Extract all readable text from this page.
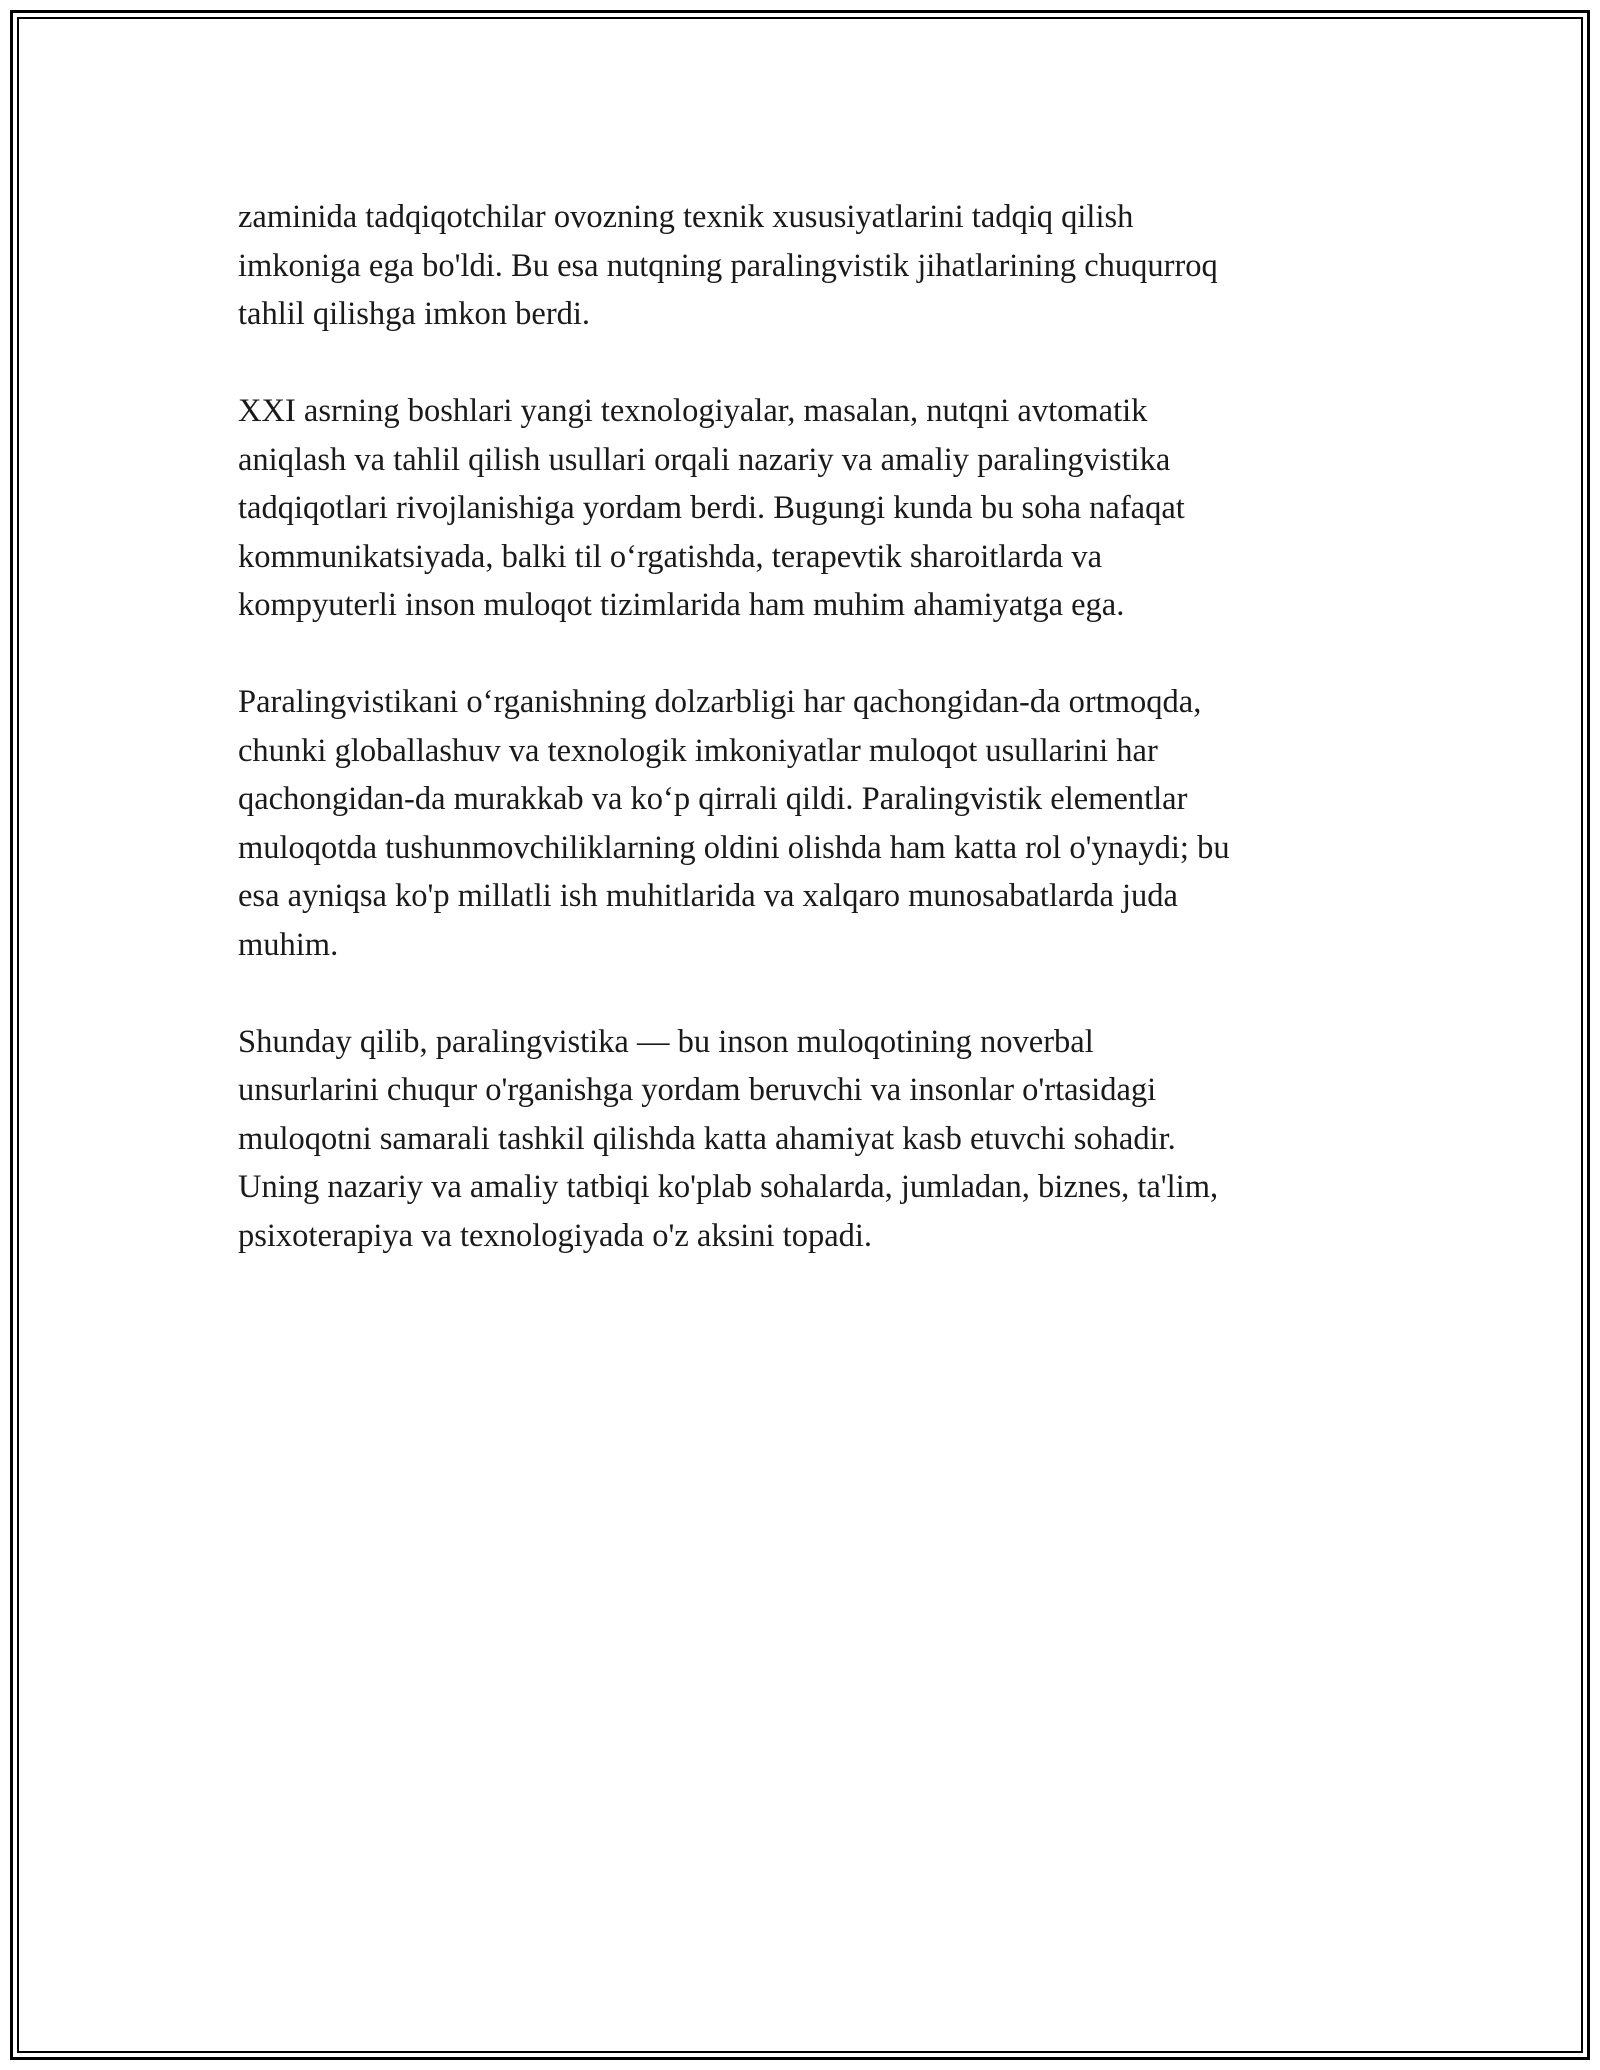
zaminida tadqiqotchilar ovozning texnik xususiyatlarini tadqiq qilish
imkoniga ega bo'ldi. Bu esa nutqning paralingvistik jihatlarining chuqurroq
tahlil qilishga imkon berdi.

XXI asrning boshlari yangi texnologiyalar, masalan, nutqni avtomatik
aniqlash va tahlil qilish usullari orqali nazariy va amaliy paralingvistika
tadqiqotlari rivojlanishiga yordam berdi. Bugungi kunda bu soha nafaqat
kommunikatsiyada, balki til o‘rgatishda, terapevtik sharoitlarda va
kompyuterli inson muloqot tizimlarida ham muhim ahamiyatga ega.

Paralingvistikani o‘rganishning dolzarbligi har qachongidan-da ortmoqda,
chunki globallashuv va texnologik imkoniyatlar muloqot usullarini har
qachongidan-da murakkab va ko‘p qirrali qildi. Paralingvistik elementlar
muloqotda tushunmovchiliklarning oldini olishda ham katta rol o'ynaydi; bu
esa ayniqsa ko'p millatli ish muhitlarida va xalqaro munosabatlarda juda
muhim.

Shunday qilib, paralingvistika — bu inson muloqotining noverbal
unsurlarini chuqur o'rganishga yordam beruvchi va insonlar o'rtasidagi
muloqotni samarali tashkil qilishda katta ahamiyat kasb etuvchi sohadir.
Uning nazariy va amaliy tatbiqi ko'plab sohalarda, jumladan, biznes, ta'lim,
psixoterapiya va texnologiyada o'z aksini topadi.
